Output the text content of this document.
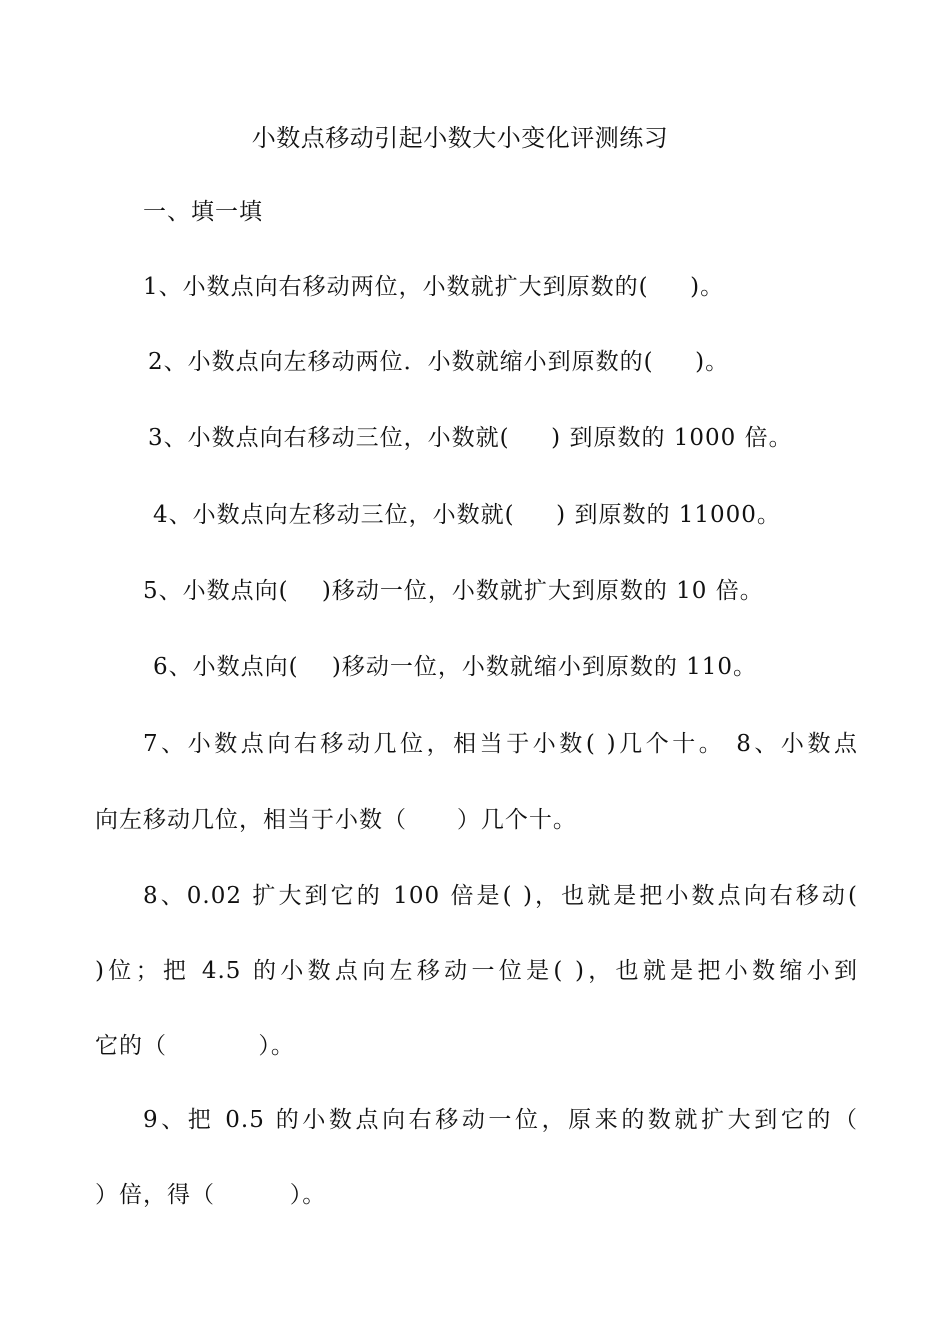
小数点移动引起小数大小变化评测练习
一、填一填
1、小数点向右移动两位，小数就扩大到原数的(     )。
2、小数点向左移动两位．小数就缩小到原数的(     )。
3、小数点向右移动三位，小数就(     ) 到原数的 1000 倍。
4、小数点向左移动三位，小数就(     ) 到原数的 11000。
5、小数点向(    )移动一位，小数就扩大到原数的 10 倍。
6、小数点向(    )移动一位，小数就缩小到原数的 110。
7、小数点向右移动几位，相当于小数( )几个十。 8、小数点
向左移动几位，相当于小数（      ）几个十。
8、0.02 扩大到它的 100 倍是( )，也就是把小数点向右移动(
)位；把 4.5 的小数点向左移动一位是( )，也就是把小数缩小到
它的（           ）。
9、把 0.5 的小数点向右移动一位，原来的数就扩大到它的（
）倍，得（         ）。
